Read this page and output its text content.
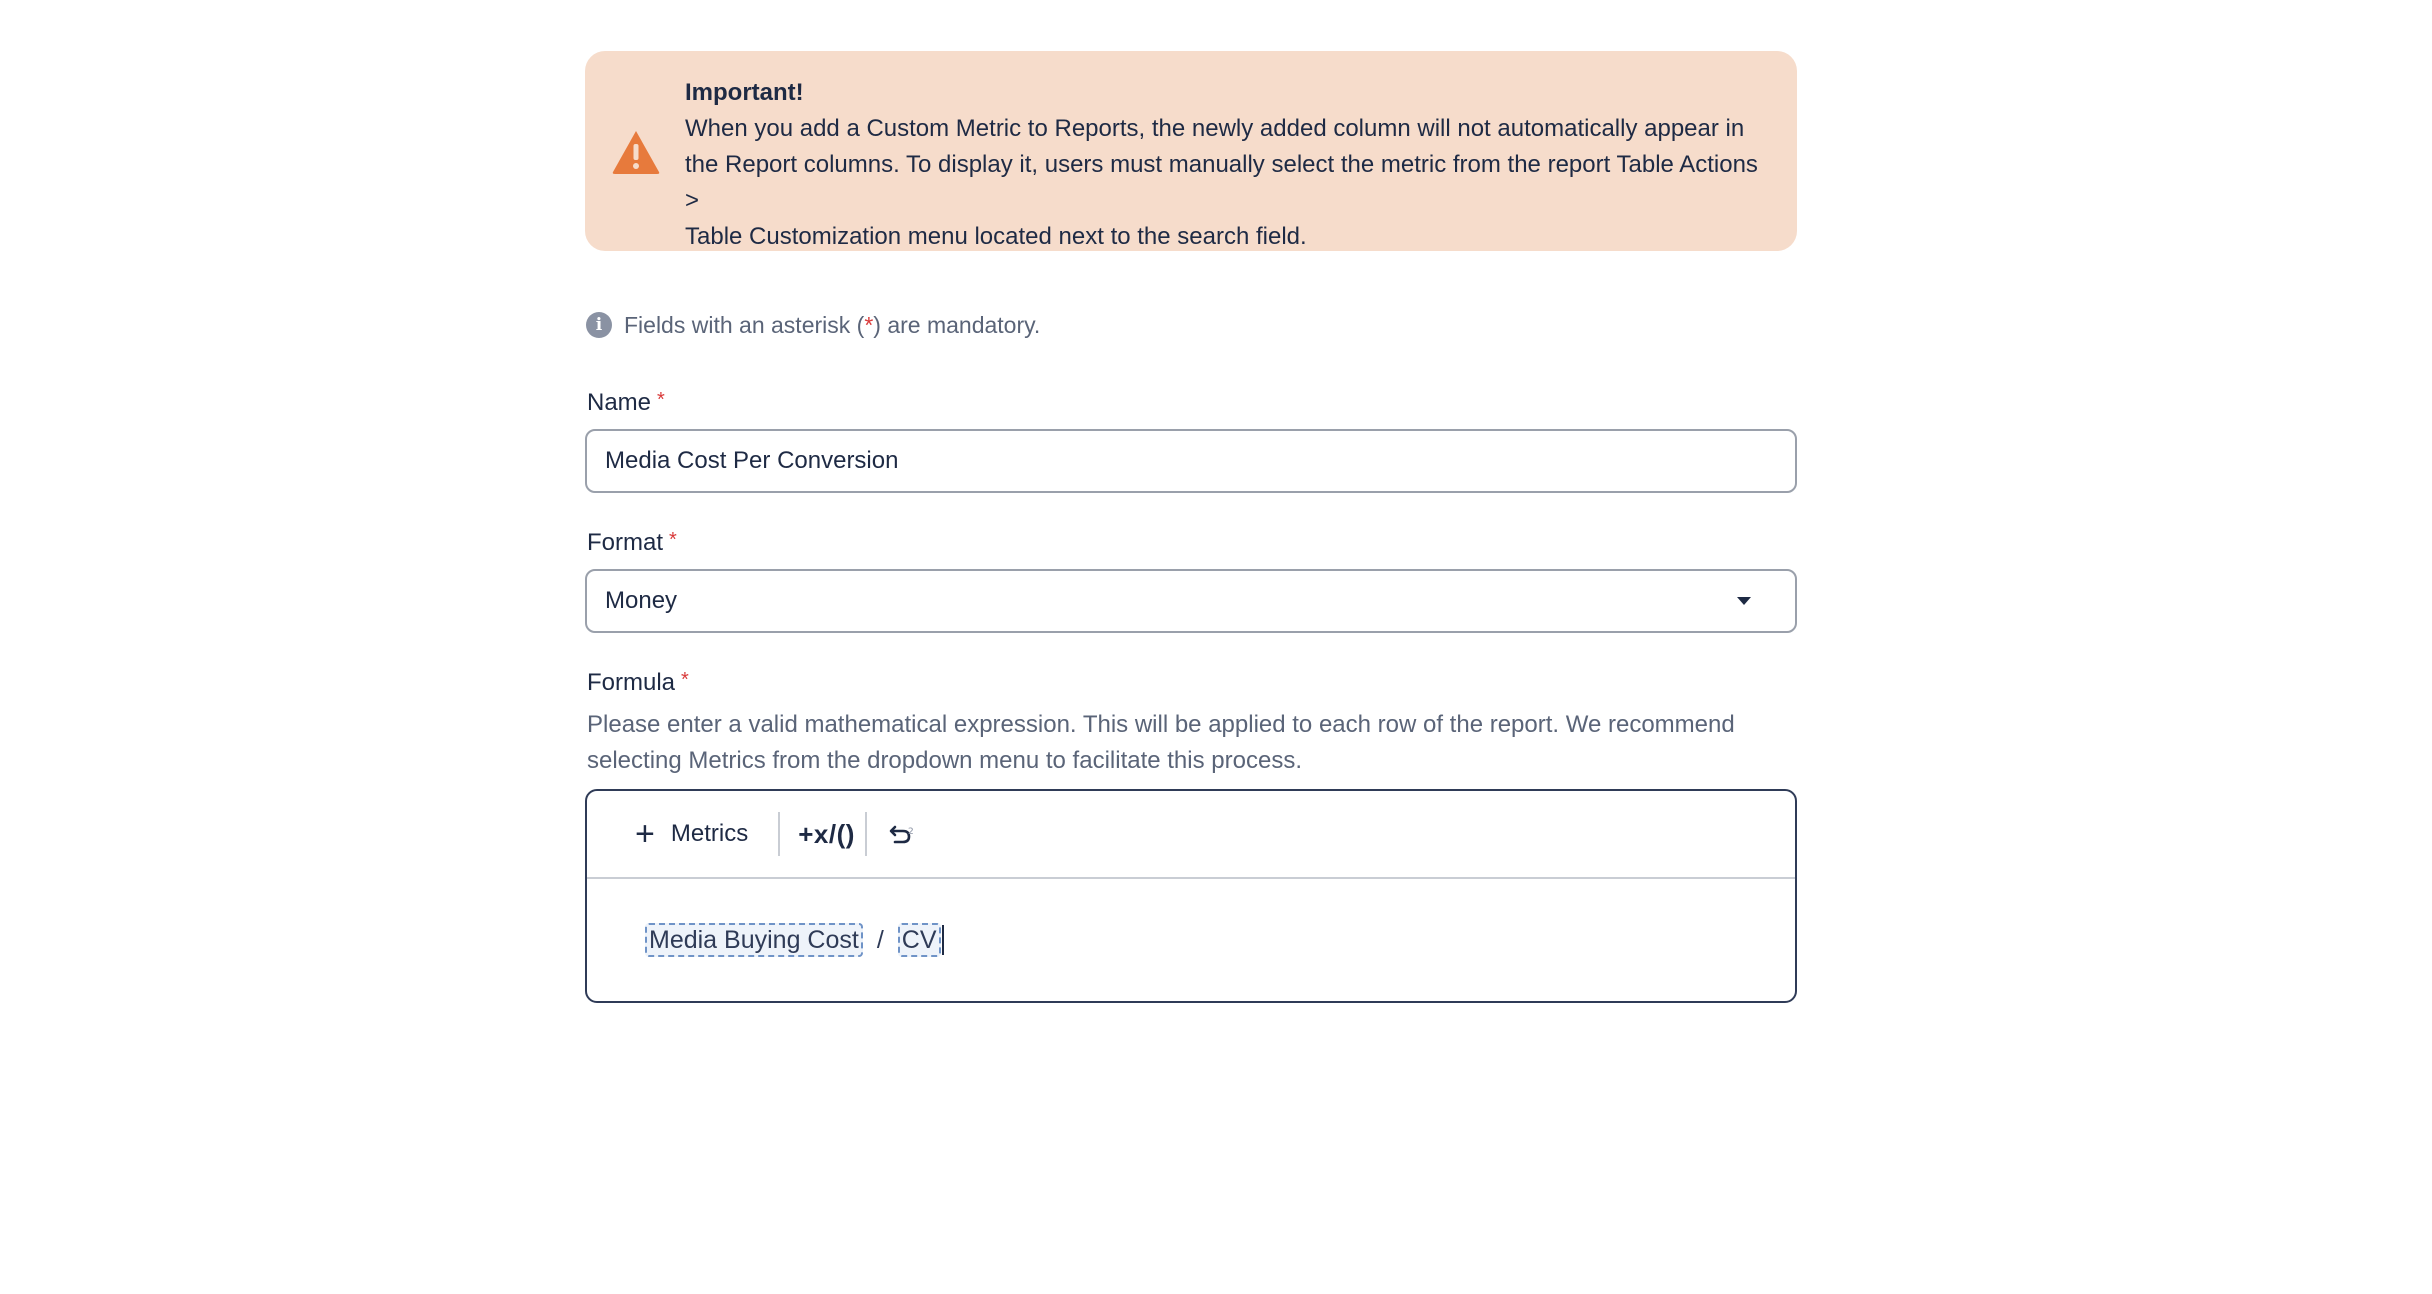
Important!
When you add a Custom Metric to Reports, the newly added column will not automatically appear in
the Report columns. To display it, users must manually select the metric from the report Table Actions >
Table Customization menu located next to the search field.
i Fields with an asterisk ( * ) are mandatory.
Name *
Media Cost Per Conversion
Format *
Money
Formula *
Please enter a valid mathematical expression. This will be applied to each row of the report. We recommend
selecting Metrics from the dropdown menu to facilitate this process.
+ Metrics	+x/()	2
Media Buying Cost / CV
